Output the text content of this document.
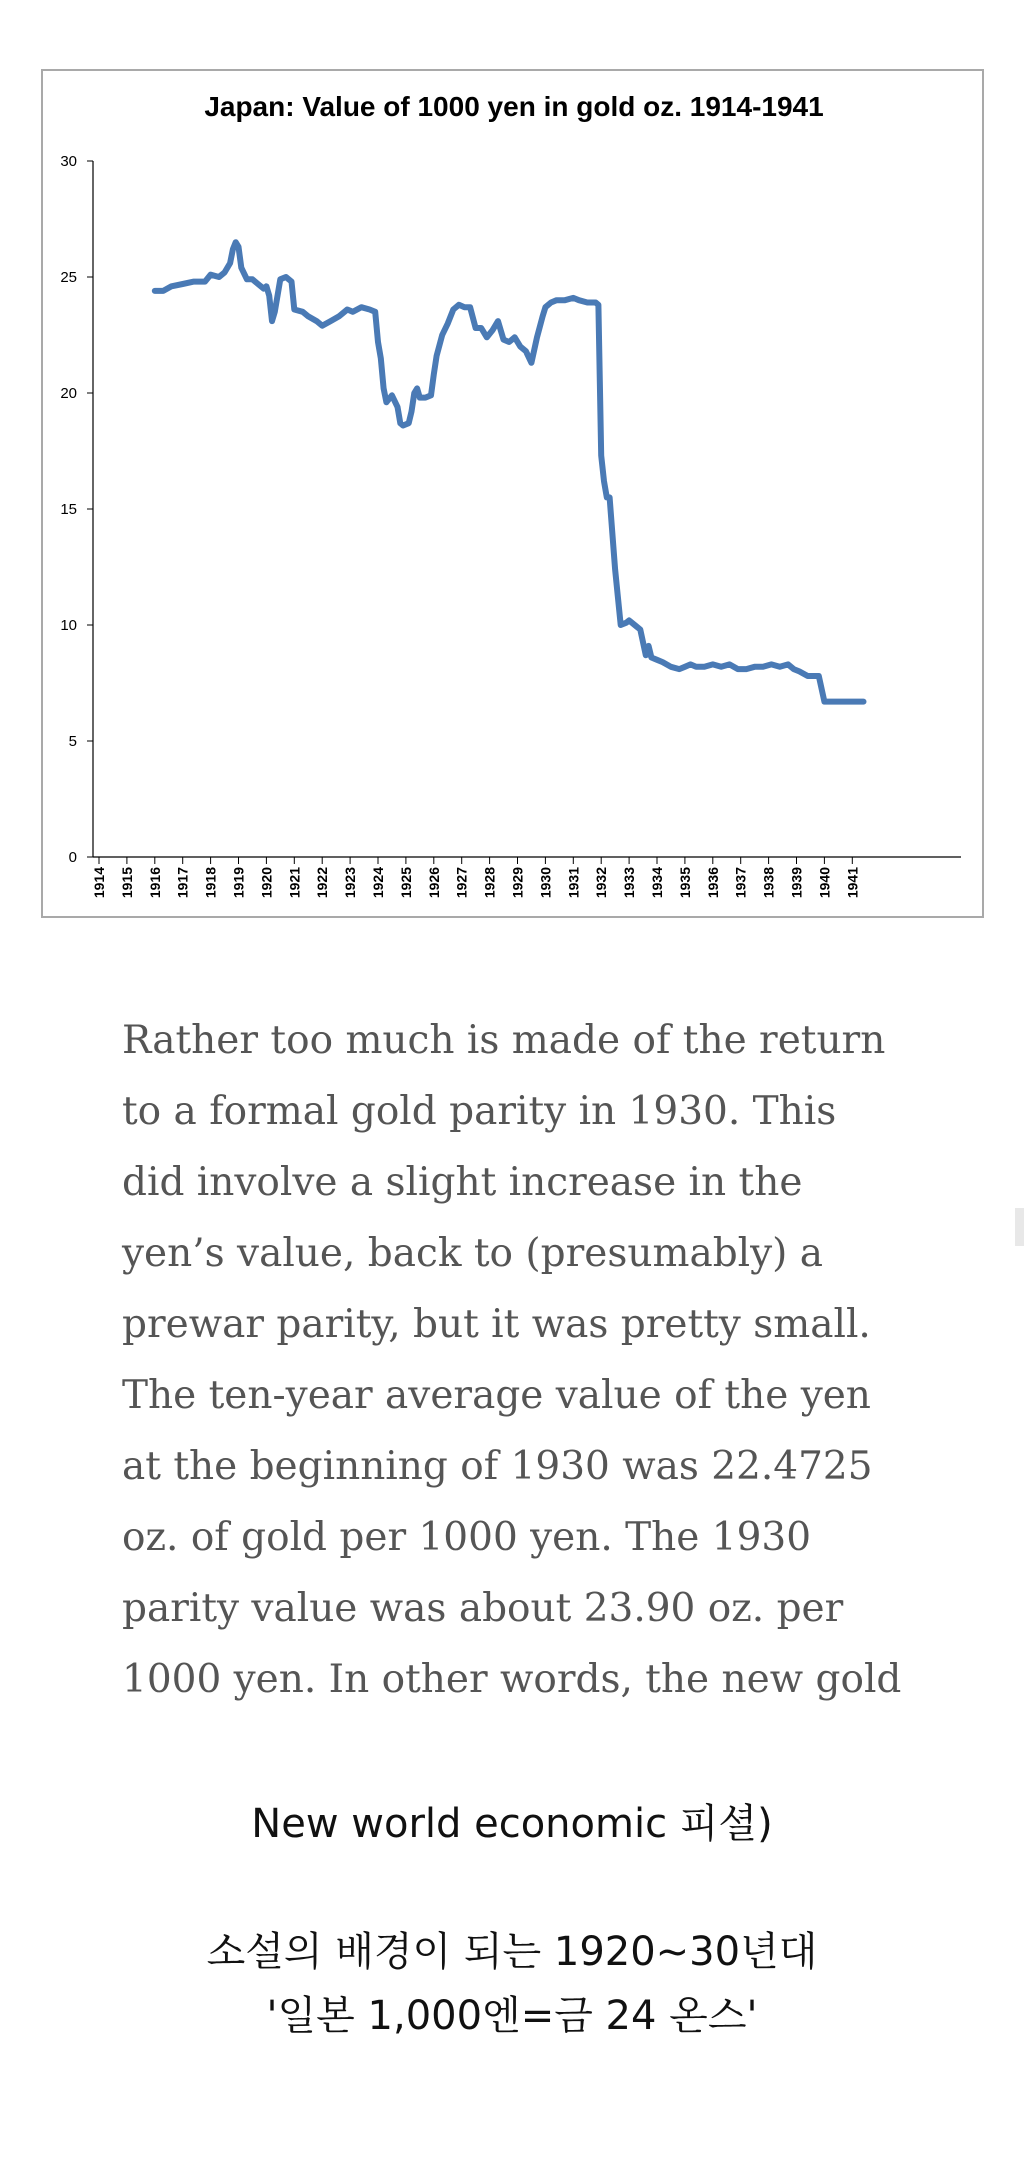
Japan: Value of 1000 yen in gold oz. 1914-1941
0
5
10
15
20
25
30
1914 1915 1916 1917 1918 1919 1920 1921 1922 1923 1924 1925 1926 1927 1928 1929 1930 1931 1932 1933 1934 1935 1936 1937 1938 1939 1940 1941
Rather too much is made of the return
to a formal gold parity in 1930. This
did involve a slight increase in the
yen’s value, back to (presumably) a
prewar parity, but it was pretty small.
The ten-year average value of the yen
at the beginning of 1930 was 22.4725
oz. of gold per 1000 yen. The 1930
parity value was about 23.90 oz. per
1000 yen. In other words, the new gold

New world economic 피셜)

소설의 배경이 되는 1920~30년대
'일본 1,000엔=금 24 온스'
